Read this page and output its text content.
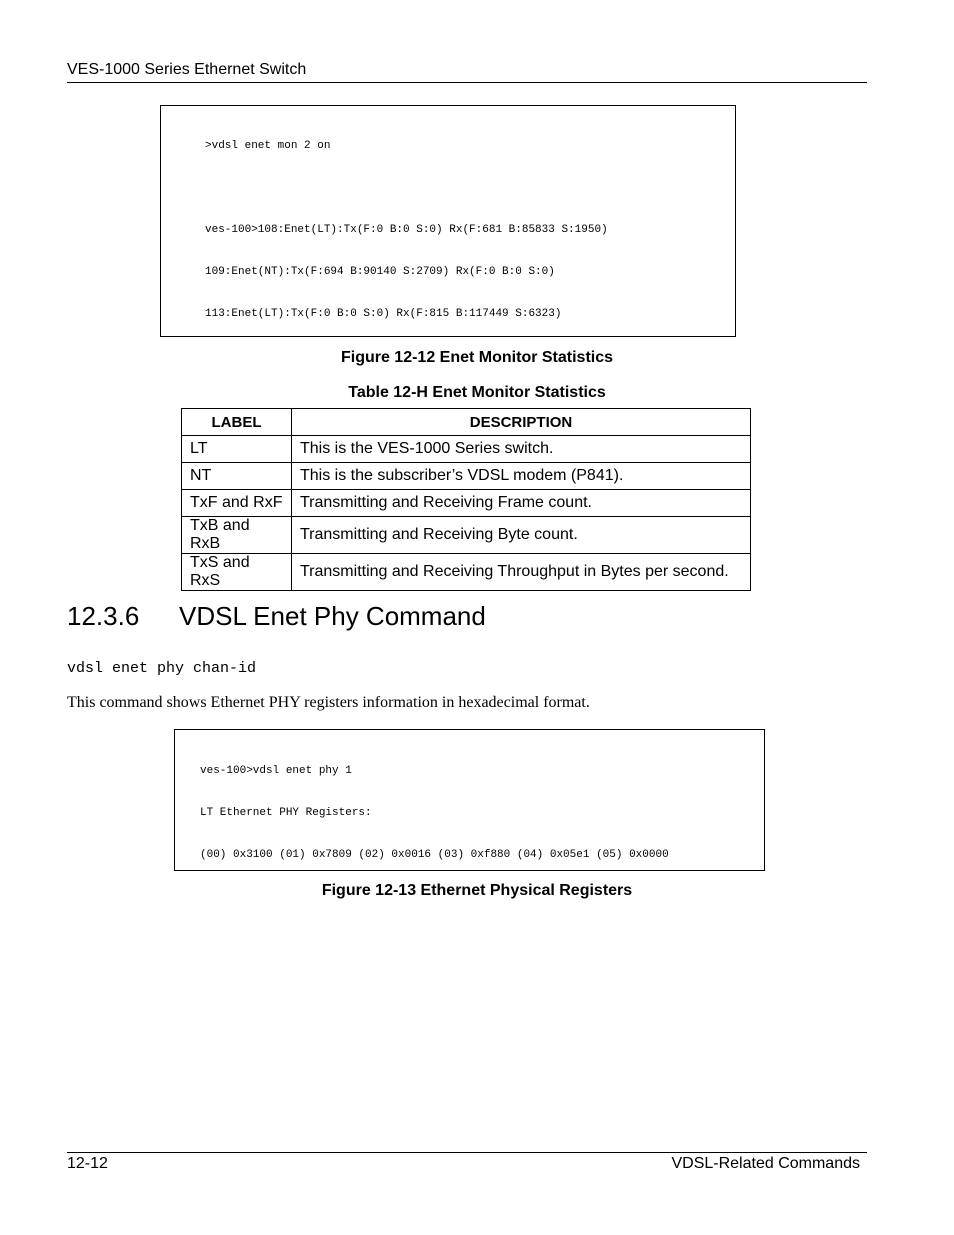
VES-1000 Series Ethernet Switch

>vdsl enet mon 2 on

ves-100>108:Enet(LT):Tx(F:0 B:0 S:0) Rx(F:681 B:85833 S:1950)

109:Enet(NT):Tx(F:694 B:90140 S:2709) Rx(F:0 B:0 S:0)

113:Enet(LT):Tx(F:0 B:0 S:0) Rx(F:815 B:117449 S:6323)

Figure 12-12 Enet Monitor Statistics
Table 12-H Enet Monitor Statistics
LABEL	DESCRIPTION
LT	This is the VES-1000 Series switch.
NT	This is the subscriber’s VDSL modem (P841).
TxF and RxF	Transmitting and Receiving Frame count.
TxB and RxB	Transmitting and Receiving Byte count.
TxS and RxS	Transmitting and Receiving Throughput in Bytes per second.
12.3.6 VDSL Enet Phy Command
vdsl enet phy chan-id
This command shows Ethernet PHY registers information in hexadecimal format.

ves-100>vdsl enet phy 1

LT Ethernet PHY Registers:

(00) 0x3100 (01) 0x7809 (02) 0x0016 (03) 0xf880 (04) 0x05e1 (05) 0x0000

Figure 12-13 Ethernet Physical Registers
12-12	VDSL-Related Commands
